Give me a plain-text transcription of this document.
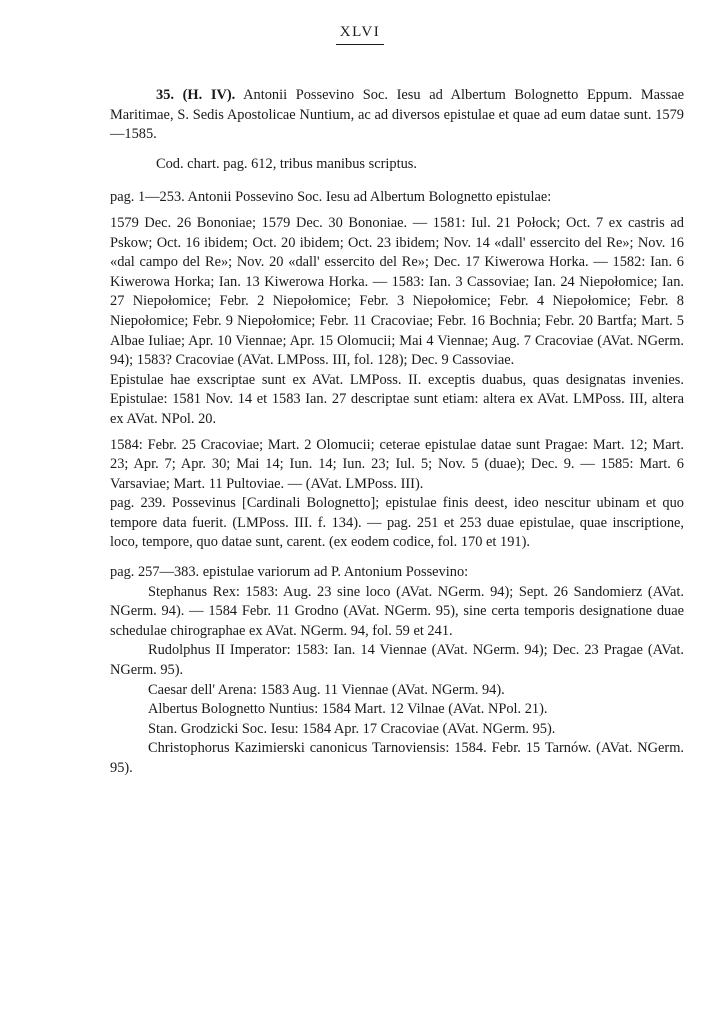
XLVI

35. (H. IV). Antonii Possevino Soc. Iesu ad Albertum Bolognetto Eppum. Massae Maritimae, S. Sedis Apostolicae Nuntium, ac ad diversos epistulae et quae ad eum datae sunt. 1579—1585.

Cod. chart. pag. 612, tribus manibus scriptus.

pag. 1—253. Antonii Possevino Soc. Iesu ad Albertum Bolognetto epistulae:

1579 Dec. 26 Bononiae; 1579 Dec. 30 Bononiae. — 1581: Iul. 21 Połock; Oct. 7 ex castris ad Pskow; Oct. 16 ibidem; Oct. 20 ibidem; Oct. 23 ibidem; Nov. 14 «dall' essercito del Re»; Nov. 16 «dal campo del Re»; Nov. 20 «dall' essercito del Re»; Dec. 17 Kiwerowa Horka. — 1582: Ian. 6 Kiwerowa Horka; Ian. 13 Kiwerowa Horka. — 1583: Ian. 3 Cassoviae; Ian. 24 Niepołomice; Ian. 27 Niepołomice; Febr. 2 Niepołomice; Febr. 3 Niepołomice; Febr. 4 Niepołomice; Febr. 8 Niepołomice; Febr. 9 Niepołomice; Febr. 11 Cracoviae; Febr. 16 Bochnia; Febr. 20 Bartfa; Mart. 5 Albae Iuliae; Apr. 10 Viennae; Apr. 15 Olomucii; Mai 4 Viennae; Aug. 7 Cracoviae (AVat. NGerm. 94); 1583? Cracoviae (AVat. LMPoss. III, fol. 128); Dec. 9 Cassoviae.

Epistulae hae exscriptae sunt ex AVat. LMPoss. II. exceptis duabus, quas designatas invenies. Epistulae: 1581 Nov. 14 et 1583 Ian. 27 descriptae sunt etiam: altera ex AVat. LMPoss. III, altera ex AVat. NPol. 20.

1584: Febr. 25 Cracoviae; Mart. 2 Olomucii; ceterae epistulae datae sunt Pragae: Mart. 12; Mart. 23; Apr. 7; Apr. 30; Mai 14; Iun. 14; Iun. 23; Iul. 5; Nov. 5 (duae); Dec. 9. — 1585: Mart. 6 Varsaviae; Mart. 11 Pultoviae. — (AVat. LMPoss. III).

pag. 239. Possevinus [Cardinali Bolognetto]; epistulae finis deest, ideo nescitur ubinam et quo tempore data fuerit. (LMPoss. III. f. 134). — pag. 251 et 253 duae epistulae, quae inscriptione, loco, tempore, quo datae sunt, carent. (ex eodem codice, fol. 170 et 191).

pag. 257—383. epistulae variorum ad P. Antonium Possevino:

Stephanus Rex: 1583: Aug. 23 sine loco (AVat. NGerm. 94); Sept. 26 Sandomierz (AVat. NGerm. 94). — 1584 Febr. 11 Grodno (AVat. NGerm. 95), sine certa temporis designatione duae schedulae chirographae ex AVat. NGerm. 94, fol. 59 et 241.

Rudolphus II Imperator: 1583: Ian. 14 Viennae (AVat. NGerm. 94); Dec. 23 Pragae (AVat. NGerm. 95).

Caesar dell' Arena: 1583 Aug. 11 Viennae (AVat. NGerm. 94).

Albertus Bolognetto Nuntius: 1584 Mart. 12 Vilnae (AVat. NPol. 21).

Stan. Grodzicki Soc. Iesu: 1584 Apr. 17 Cracoviae (AVat. NGerm. 95).

Christophorus Kazimierski canonicus Tarnoviensis: 1584. Febr. 15 Tarnów. (AVat. NGerm. 95).
